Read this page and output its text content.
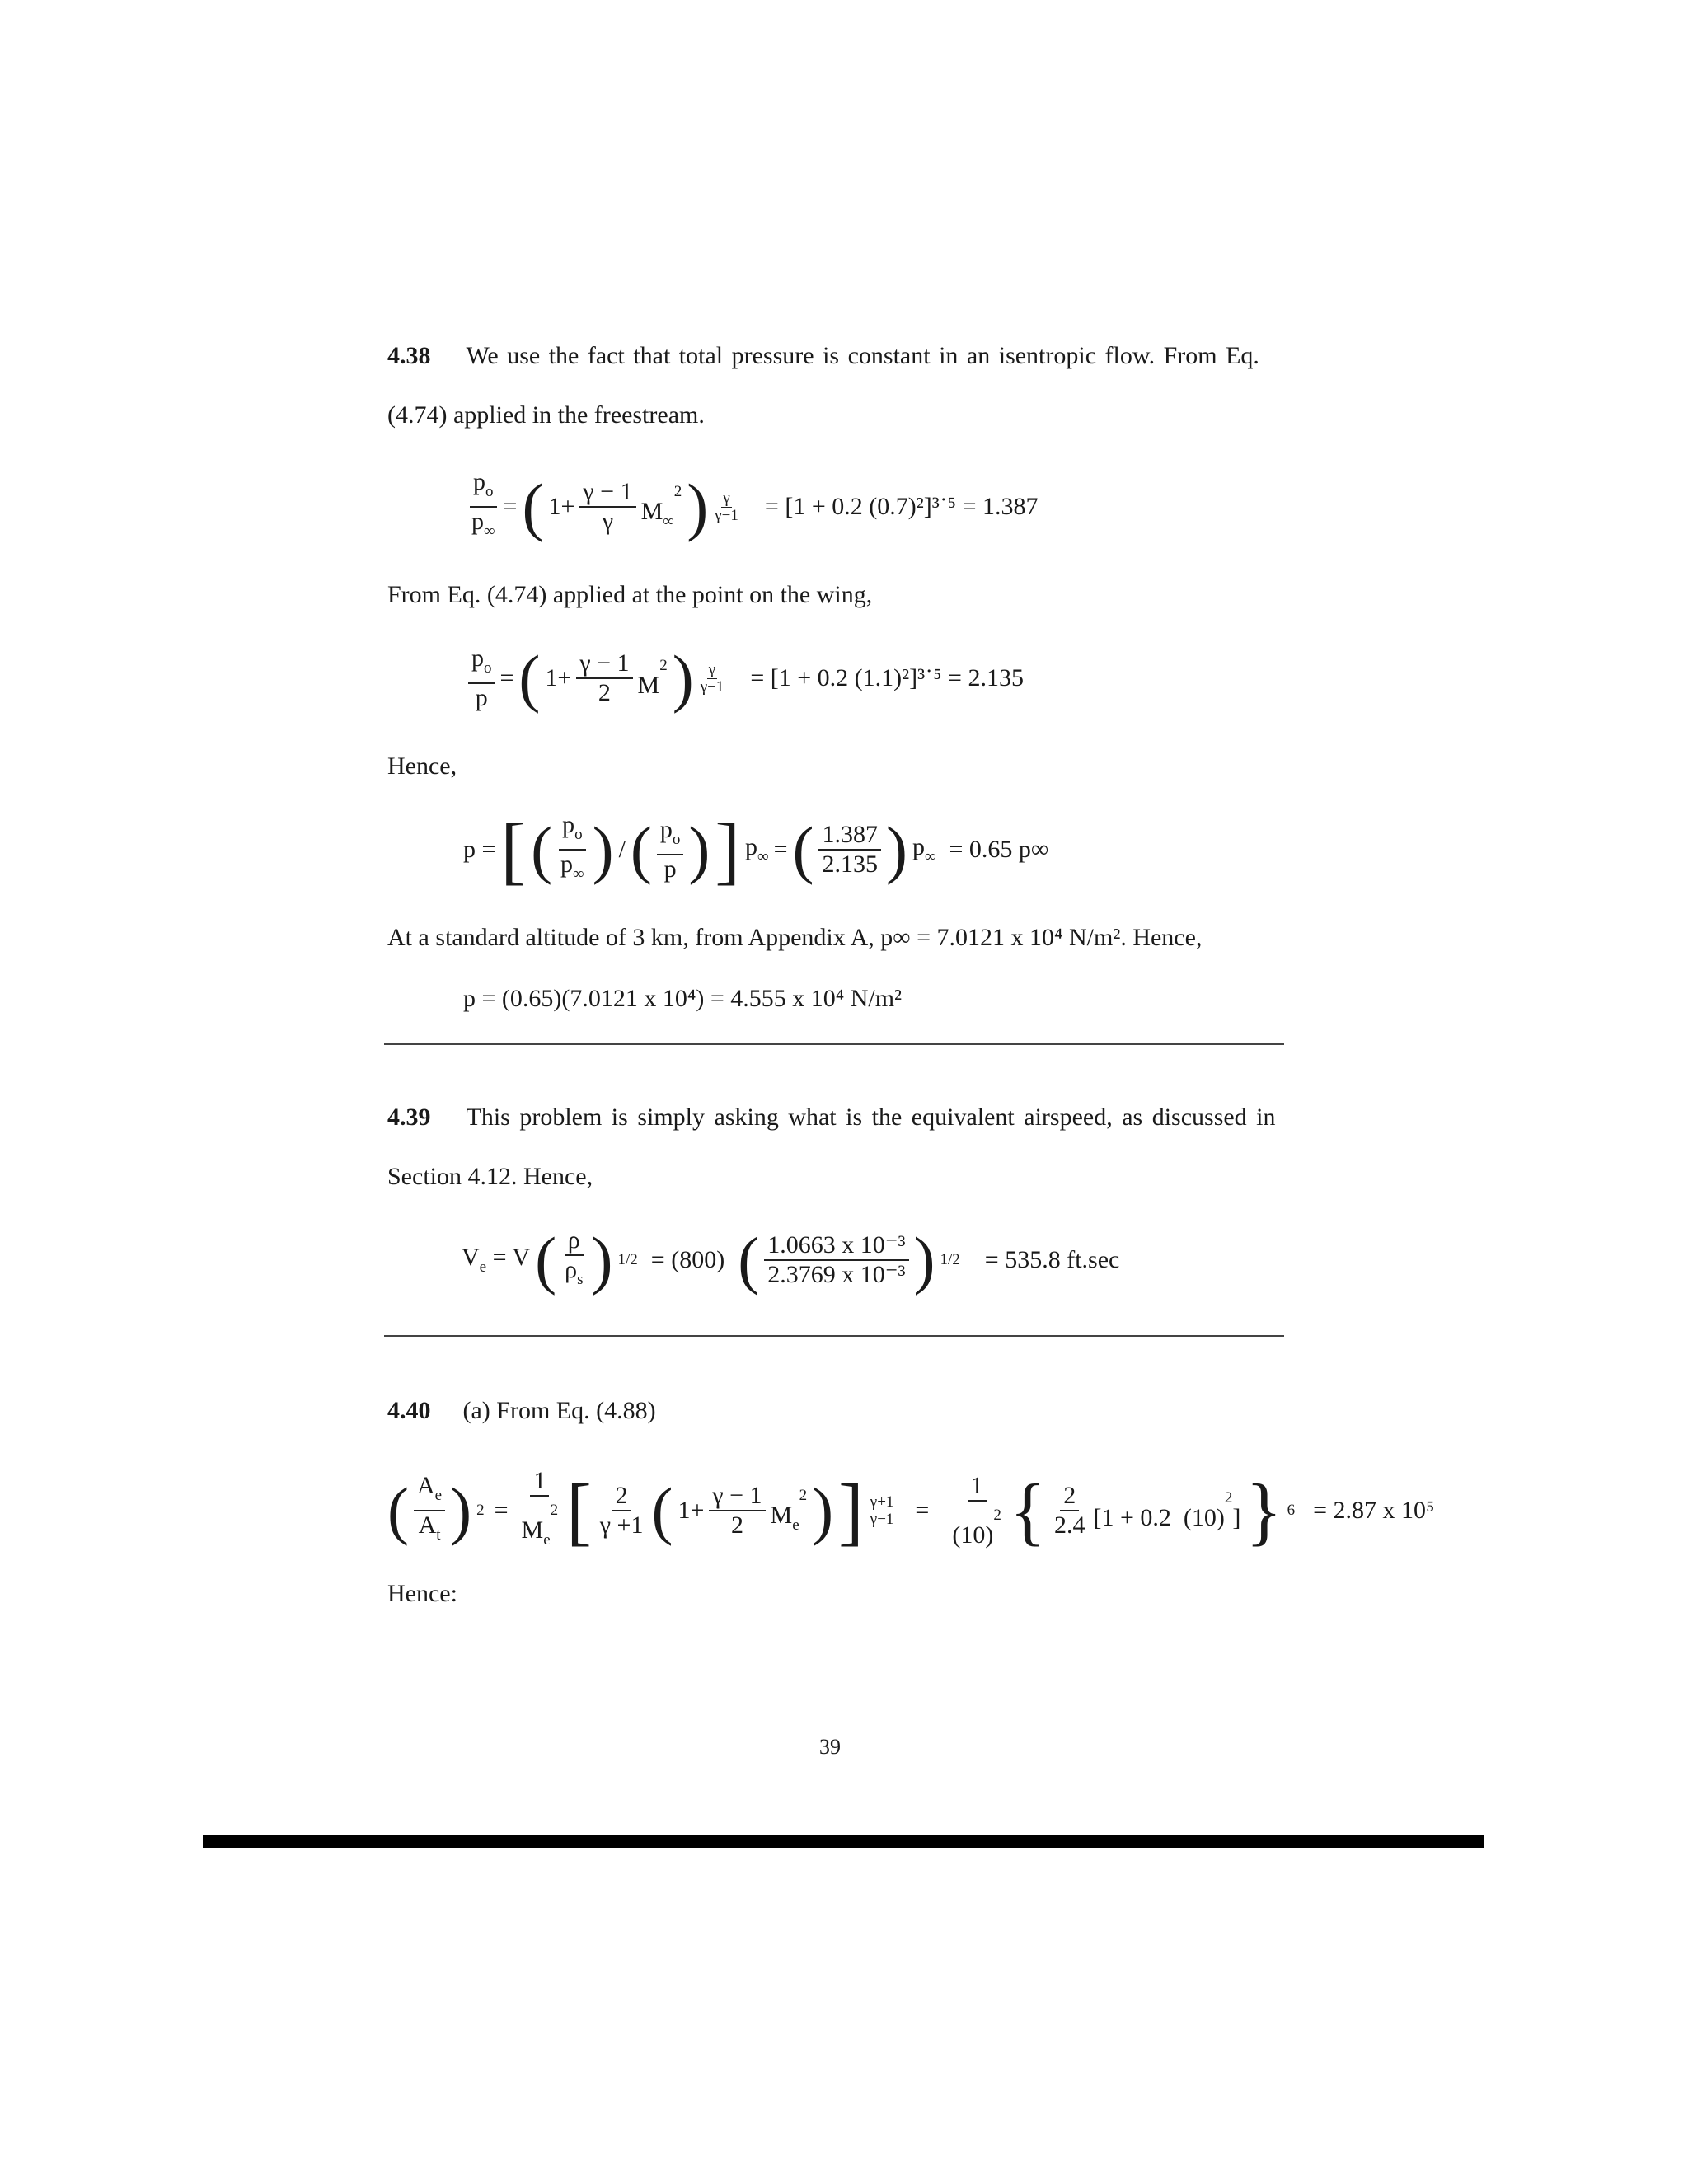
4.38 We use the fact that total pressure is constant in an isentropic flow. From Eq.
(4.74) applied in the freestream.
$\frac{p_o}{p_\infty}$ = ( $1+ \frac{\gamma - 1}{\gamma} M_\infty^2$ ) $\frac{\gamma}{\gamma-1} = [1 + 0.2$ (0.7)²]³˙⁵ = 1.387
From Eq. (4.74) applied at the point on the wing,
$\frac{p_o}{p}$ = ( $1+ \frac{\gamma - 1}{2} M^2$ ) $\frac{\gamma}{\gamma-1} = [1 + 0.2$ (1.1)²]³˙⁵ = 2.135
Hence,
p = [ ( $\frac{p_o}{p_\infty}$ ) / ( $\frac{p_o}{p}$ ) ] $p_\infty$ = ( $\frac{1.387}{2.135}$ ) $p_\infty = 0.65$ p∞
At a standard altitude of 3 km, from Appendix A, p∞ = 7.0121 x 10⁴ N/m². Hence,
p = (0.65)(7.0121 x 10⁴) = 4.555 x 10⁴ N/m²
4.39 This problem is simply asking what is the equivalent airspeed, as discussed in
Section 4.12. Hence,
$V_e = V$ ( $\frac{\rho}{\rho_s}$ ) 1/2 = (800) ( $\frac{\text{1.0663 x 10⁻³}}{\text{2.3769 x 10⁻³}}$ ) 1/2 = 535.8 ft.sec
4.40 (a) From Eq. (4.88)
( $\frac{A_e}{A_t}$ ) $2 = \frac{1}{M_e^2}$ [ $\frac{2}{\gamma +1}$ ( $1+ \frac{\gamma - 1}{2} M_e^2$ ) ] $\frac{\gamma+1}{\gamma-1} = \frac{1}{(10)^2}$ { $\frac{2}{2.4} [1 + 0.2$  $(10)^2$] } 6 = 2.87 x 10⁵
Hence:
39
